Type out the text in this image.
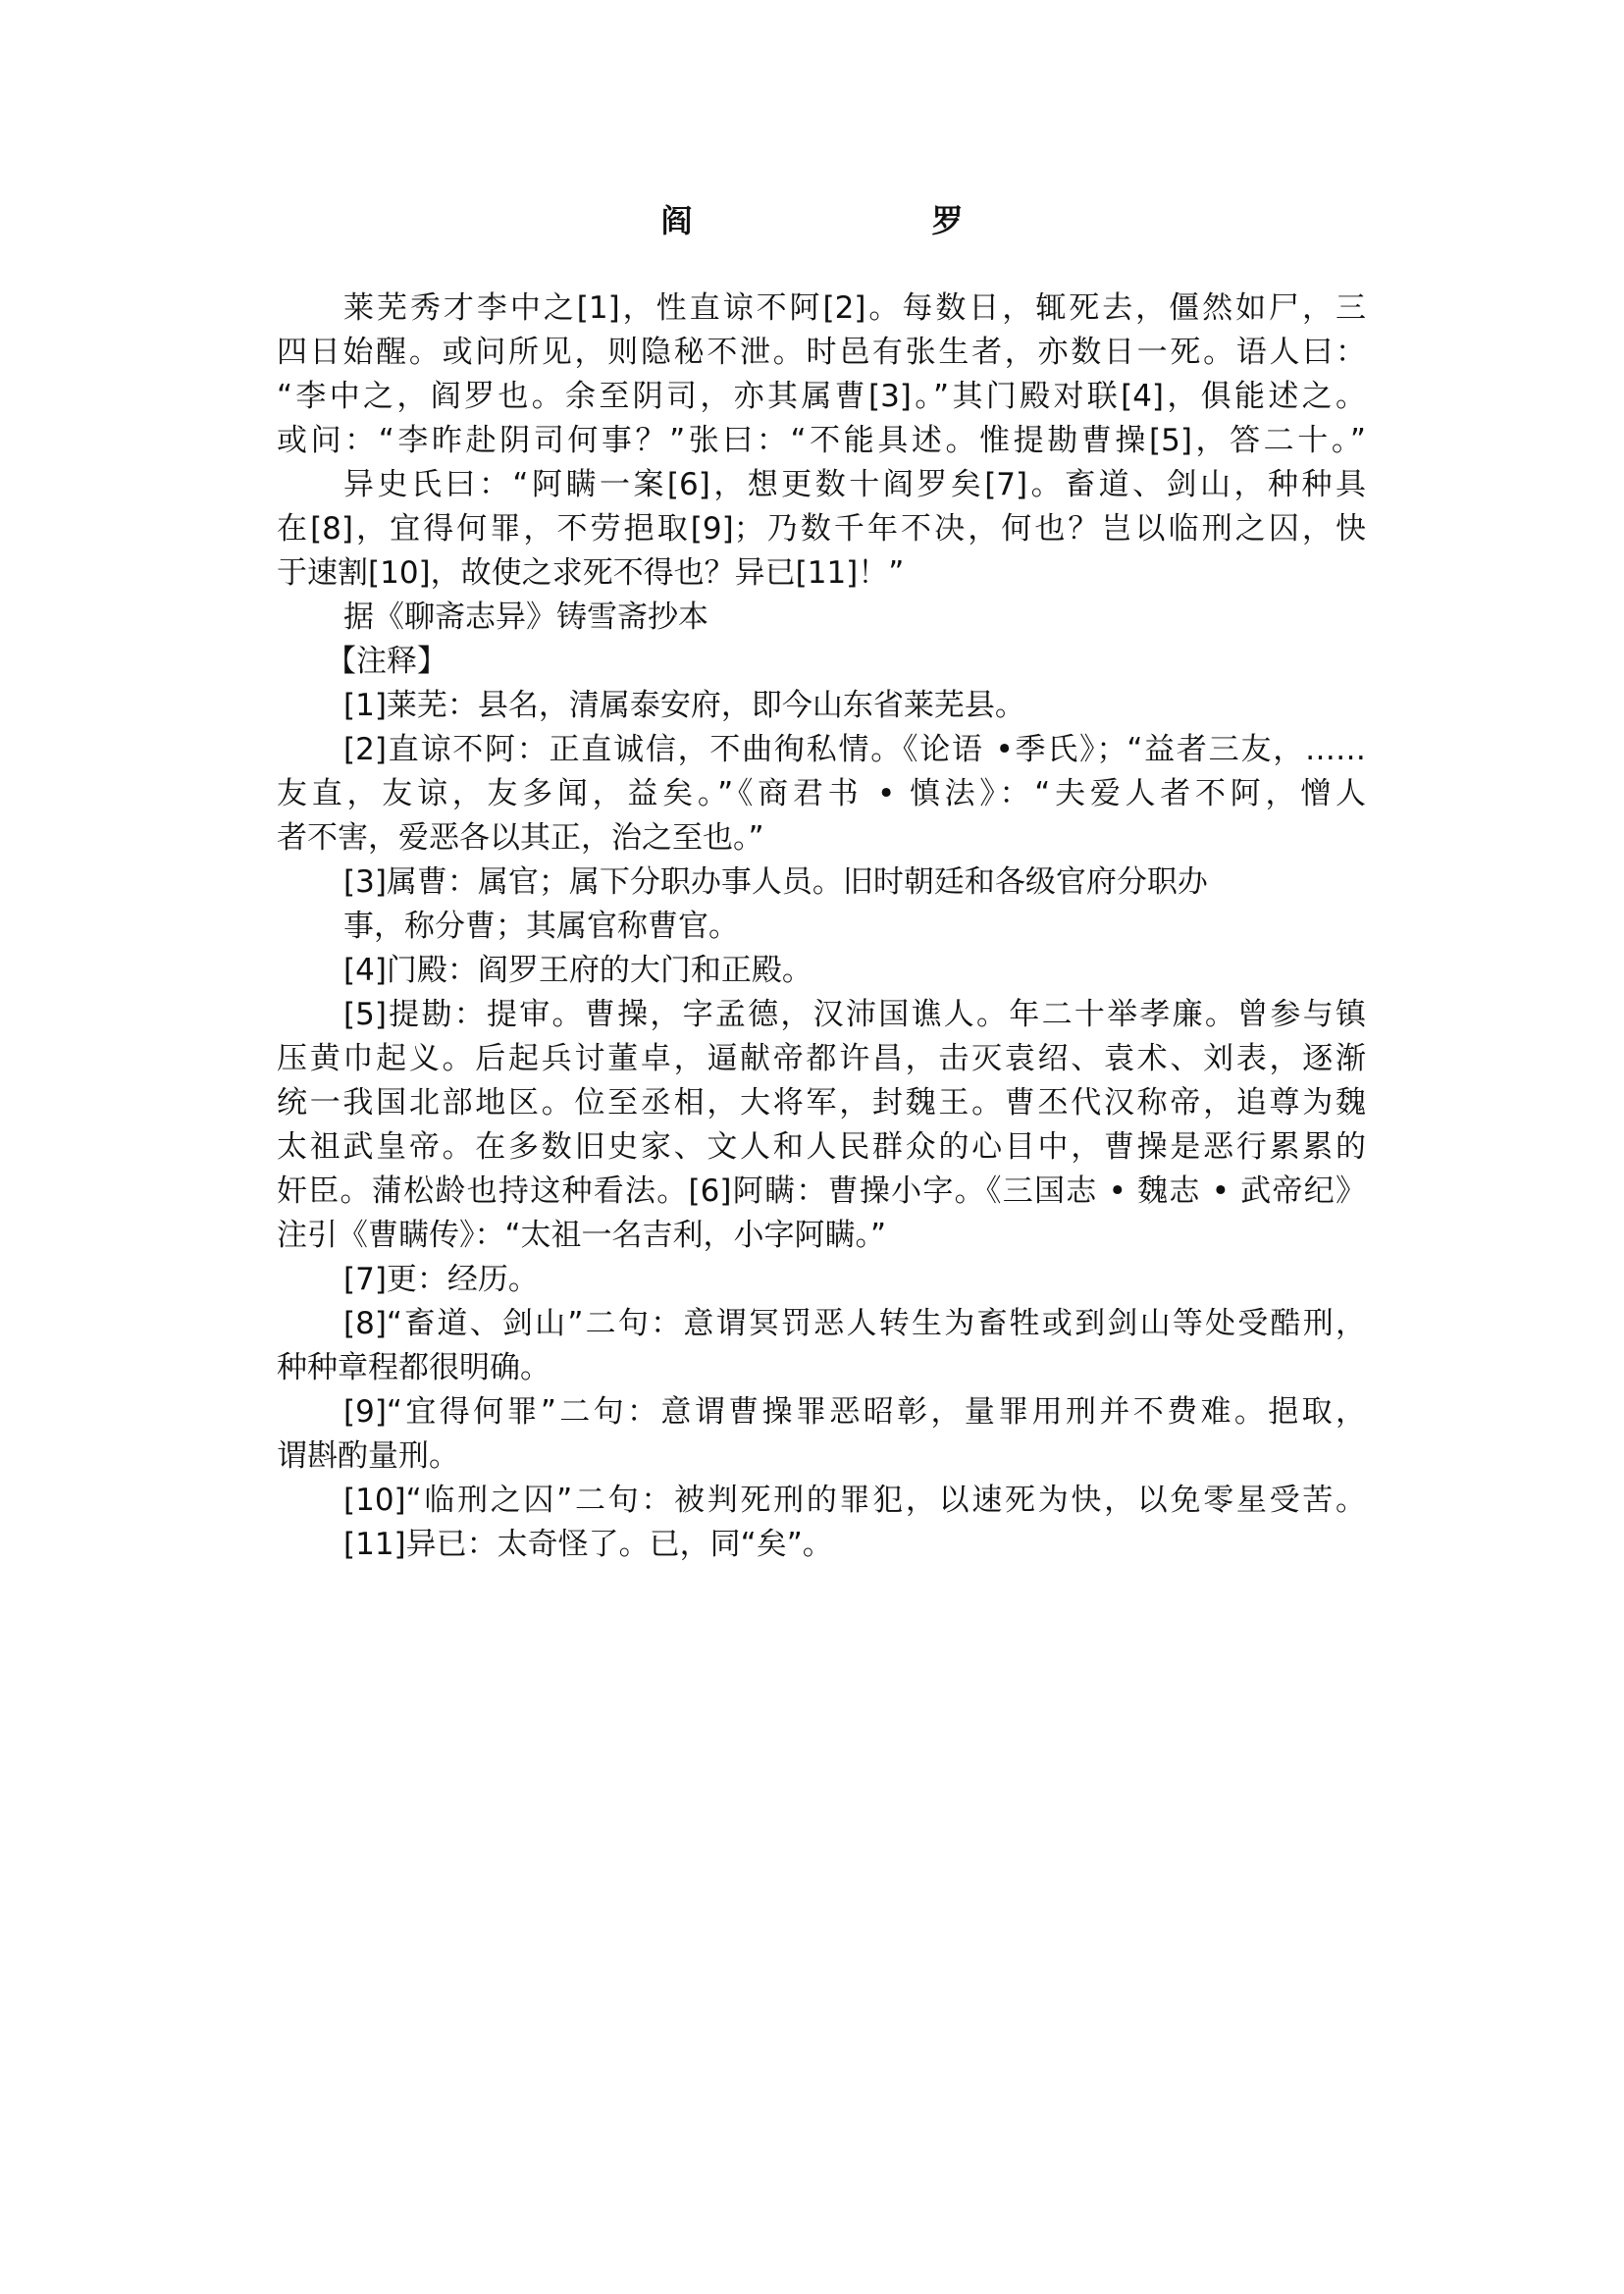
阎　　罗
莱芜秀才李中之[1]，性直谅不阿[2]。每数日，辄死去，僵然如尸，三
四日始醒。或问所见，则隐秘不泄。时邑有张生者，亦数日一死。语人曰：
“李中之，阎罗也。余至阴司，亦其属曹[3]。”其门殿对联[4]，俱能述之。
或问：“李昨赴阴司何事？”张曰：“不能具述。惟提勘曹操[5]，答二十。”
异史氏曰：“阿瞒一案[6]，想更数十阎罗矣[7]。畜道、剑山，种种具
在[8]，宜得何罪，不劳挹取[9]；乃数千年不决，何也？岂以临刑之囚，快
于速割[10]，故使之求死不得也？异已[11]！”
据《聊斋志异》铸雪斋抄本
【注释】
[1]莱芜：县名，清属泰安府，即今山东省莱芜县。
[2]直谅不阿：正直诚信，不曲徇私情。《论语 •季氏》；“益者三友，……
友直，友谅，友多闻，益矣。”《商君书 • 慎法》：“夫爱人者不阿，憎人
者不害，爱恶各以其正，治之至也。”
[3]属曹：属官；属下分职办事人员。旧时朝廷和各级官府分职办
事，称分曹；其属官称曹官。
[4]门殿：阎罗王府的大门和正殿。
[5]提勘：提审。曹操，字孟德，汉沛国谯人。年二十举孝廉。曾参与镇
压黄巾起义。后起兵讨董卓，逼献帝都许昌，击灭袁绍、袁术、刘表，逐渐
统一我国北部地区。位至丞相，大将军，封魏王。曹丕代汉称帝，追尊为魏
太祖武皇帝。在多数旧史家、文人和人民群众的心目中，曹操是恶行累累的
奸臣。蒲松龄也持这种看法。[6]阿瞒：曹操小字。《三国志 • 魏志 • 武帝纪》
注引《曹瞒传》：“太祖一名吉利，小字阿瞒。”
[7]更：经历。
[8]“畜道、剑山”二句：意谓冥罚恶人转生为畜牲或到剑山等处受酷刑，
种种章程都很明确。
[9]“宜得何罪”二句：意谓曹操罪恶昭彰，量罪用刑并不费难。挹取，
谓斟酌量刑。
[10]“临刑之囚”二句：被判死刑的罪犯，以速死为快，以免零星受苦。
[11]异已：太奇怪了。已，同“矣”。
